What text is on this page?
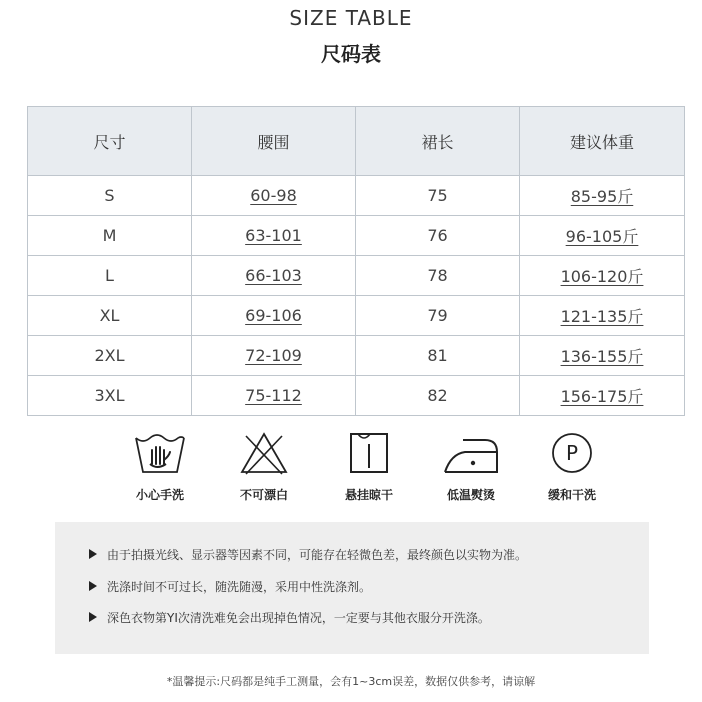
SIZE TABLE
尺码表
尺寸	腰围	裙长	建议体重
S	60-98	75	85-95斤
M	63-101	76	96-105斤
L	66-103	78	106-120斤
XL	69-106	79	121-135斤
2XL	72-109	81	136-155斤
3XL	75-112	82	156-175斤
小心手洗	不可漂白	悬挂晾干	低温熨烫
P
缓和干洗
由于拍摄光线、显示器等因素不同，可能存在轻微色差，最终颜色以实物为准。
洗涤时间不可过长，随洗随漫，采用中性洗涤剂。
深色衣物第YI次清洗难免会出现掉色情况，一定要与其他衣服分开洗涤。
*温馨提示:尺码都是纯手工测量，会有1~3cm误差，数据仅供参考，请谅解
